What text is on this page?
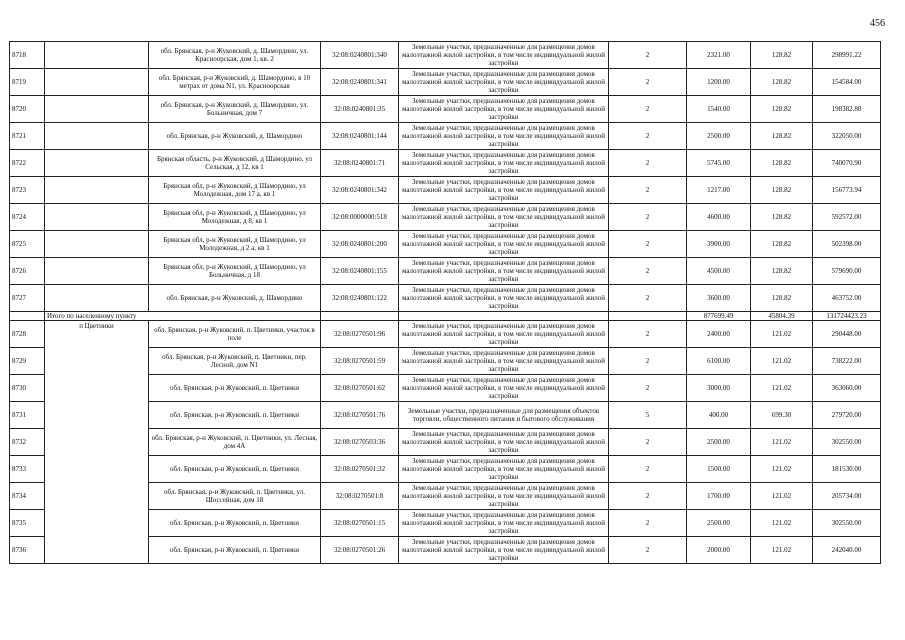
456
8718		обл. Брянская, р-н Жуковский, д. Шамордино, ул. Красноорская, дом 1, кв. 2	32:08:0240801:340	Земельные участки, предназначенные для размещения домов малоэтажной жилой застройки, в том числе индивидуальной жилой застройки	2	2321.00	128.82	298991.22
8719		обл. Брянская, р-н Жуковский, д. Шамордино, в 10 метрах от дома N1, ул. Красноорская	32:08:0240801:341	Земельные участки, предназначенные для размещения домов малоэтажной жилой застройки, в том числе индивидуальной жилой застройки	2	1200.00	128.82	154584.00
8720		обл. Брянская, р-н Жуковский, д. Шамордино, ул. Больничная, дом 7	32:08:0240801:35	Земельные участки, предназначенные для размещения домов малоэтажной жилой застройки, в том числе индивидуальной жилой застройки	2	1540.00	128.82	198382.80
8721		обл. Брянская, р-н Жуковский, д. Шамордино	32:08:0240801:144	Земельные участки, предназначенные для размещения домов малоэтажной жилой застройки, в том числе индивидуальной жилой застройки	2	2500.00	128.82	322050.00
8722		Брянская область, р-н Жуковский, д Шамордино, ул Сельская, д 12, кв 1	32:08:0240801:71	Земельные участки, предназначенные для размещения домов малоэтажной жилой застройки, в том числе индивидуальной жилой застройки	2	5745.00	128.82	740070.90
8723		Брянская обл, р-н Жуковский, д Шамордино, ул Молодежная, дом 17 а, кв 1	32:08:0240801:342	Земельные участки, предназначенные для размещения домов малоэтажной жилой застройки, в том числе индивидуальной жилой застройки	2	1217.00	128.82	156773.94
8724		Брянская обл, р-н Жуковский, д Шамордино, ул Молодежная, д 8, кв 1	32:08:0000000:518	Земельные участки, предназначенные для размещения домов малоэтажной жилой застройки, в том числе индивидуальной жилой застройки	2	4600.00	128.82	592572.00
8725		Брянская обл, р-н Жуковский, д Шамордино, ул Молодежная, д 2 а, кв 1	32:08:0240801:200	Земельные участки, предназначенные для размещения домов малоэтажной жилой застройки, в том числе индивидуальной жилой застройки	2	3900.00	128.82	502398.00
8726		Брянская обл, р-н Жуковский, д Шамордино, ул Больничная, д 18	32:08:0240801:155	Земельные участки, предназначенные для размещения домов малоэтажной жилой застройки, в том числе индивидуальной жилой застройки	2	4500.00	128.82	579690.00
8727		обл. Брянская, р-н Жуковский, д. Шамордино	32:08:0240801:122	Земельные участки, предназначенные для размещения домов малоэтажной жилой застройки, в том числе индивидуальной жилой застройки	2	3600.00	128.82	463752.00
	Итого по населенному пункту					877699.49	45804.39	131724423.23
8728	п Цветники	обл. Брянская, р-н Жуковский, п. Цветники, участок в поле	32:08:0270501:96	Земельные участки, предназначенные для размещения домов малоэтажной жилой застройки, в том числе индивидуальной жилой застройки	2	2400.00	121.02	290448.00
8729		обл. Брянская, р-н Жуковский, п. Цветники, пер. Лесной, дом N1	32:08:0270501:59	Земельные участки, предназначенные для размещения домов малоэтажной жилой застройки, в том числе индивидуальной жилой застройки	2	6100.00	121.02	738222.00
8730		обл. Брянская, р-н Жуковский, п. Цветники	32:08:0270501:62	Земельные участки, предназначенные для размещения домов малоэтажной жилой застройки, в том числе индивидуальной жилой застройки	2	3000.00	121.02	363060.00
8731		обл. Брянская, р-н Жуковский, п. Цветники	32:08:0270501:76	Земельные участки, предназначенные для размещения объектов торговли, общественного питания и бытового обслуживания	5	400.00	699.30	279720.00
8732		обл. Брянская, р-н Жуковский, п. Цветники, ул. Лесная, дом 4А	32:08:0270503:36	Земельные участки, предназначенные для размещения домов малоэтажной жилой застройки, в том числе индивидуальной жилой застройки	2	2500.00	121.02	302550.00
8733		обл. Брянская, р-н Жуковский, п. Цветники	32:08:0270501:32	Земельные участки, предназначенные для размещения домов малоэтажной жилой застройки, в том числе индивидуальной жилой застройки	2	1500.00	121.02	181530.00
8734		обл. Брянская, р-н Жуковский, п. Цветники, ул. Шоссейная, дом 18	32:08:0270501:8	Земельные участки, предназначенные для размещения домов малоэтажной жилой застройки, в том числе индивидуальной жилой застройки	2	1700.00	121.02	205734.00
8735		обл. Брянская, р-н Жуковский, п. Цветники	32:08:0270501:15	Земельные участки, предназначенные для размещения домов малоэтажной жилой застройки, в том числе индивидуальной жилой застройки	2	2500.00	121.02	302550.00
8736		обл. Брянская, р-н Жуковский, п. Цветники	32:08:0270501:26	Земельные участки, предназначенные для размещения домов малоэтажной жилой застройки, в том числе индивидуальной жилой застройки	2	2000.00	121.02	242040.00
